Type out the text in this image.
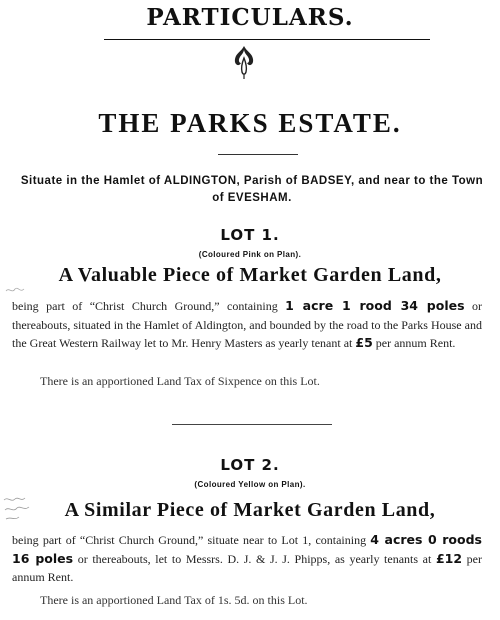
PARTICULARS.
THE PARKS ESTATE.

Situate in the Hamlet of ALDINGTON, Parish of BADSEY, and near to the Town of EVESHAM.

LOT 1.

(Coloured Pink on Plan).

A Valuable Piece of Market Garden Land,

being part of “Christ Church Ground,” containing 1 acre 1 rood 34 poles or thereabouts, situated in the Hamlet of Aldington, and bounded by the road to the Parks House and the Great Western Railway let to Mr. Henry Masters as yearly tenant at £5 per annum Rent.

There is an apportioned Land Tax of Sixpence on this Lot.

LOT 2.

(Coloured Yellow on Plan).

A Similar Piece of Market Garden Land,

being part of “Christ Church Ground,” situate near to Lot 1, containing 4 acres 0 roods 16 poles or thereabouts, let to Messrs. D. J. & J. J. Phipps, as yearly tenants at £12 per annum Rent.

There is an apportioned Land Tax of 1s. 5d. on this Lot.
